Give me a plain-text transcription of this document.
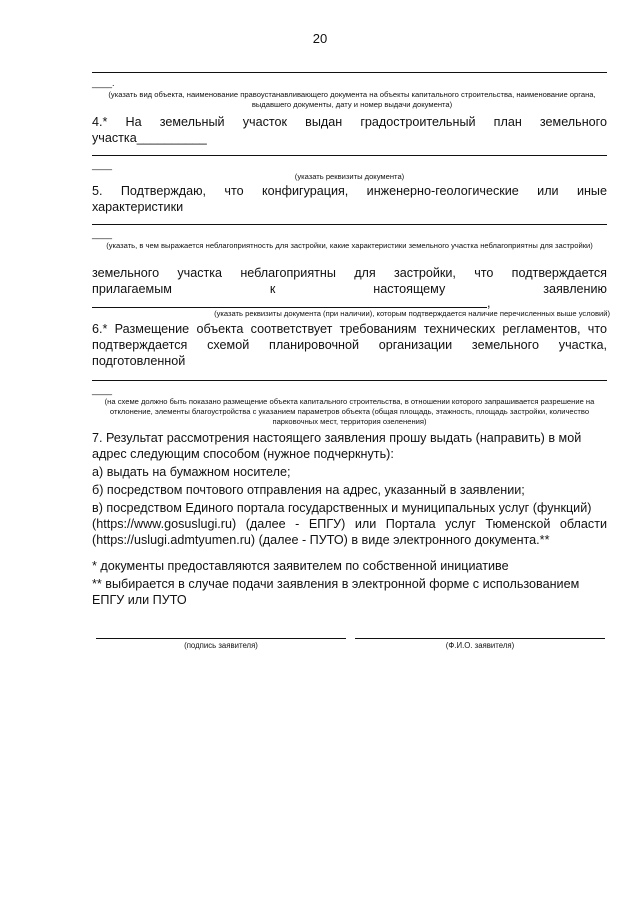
20
____.
(указать вид объекта, наименование правоустанавливающего документа на объекты капитального строительства, наименование органа, выдавшего документы, дату и номер выдачи документа)
4.* На земельный участок выдан градостроительный план земельного
участка__________
____
(указать реквизиты документа)
5. Подтверждаю, что конфигурация, инженерно-геологические или иные
характеристики
____
(указать, в чем выражается неблагоприятность для застройки, какие характеристики земельного участка неблагоприятны для застройки)
земельного участка неблагоприятны для застройки, что подтверждается
прилагаемым к настоящему заявлению
,
(указать реквизиты документа (при наличии), которым подтверждается наличие перечисленных выше условий)
6.* Размещение объекта соответствует требованиям технических регламентов, что
подтверждается схемой планировочной организации земельного участка,
подготовленной
____
(на схеме должно быть показано размещение объекта капитального строительства, в отношении которого запрашивается разрешение на отклонение, элементы благоустройства с указанием параметров объекта (общая площадь, этажность, площадь застройки, количество парковочных мест, территория озеленения)
7. Результат рассмотрения настоящего заявления прошу выдать (направить) в мой
адрес следующим способом (нужное подчеркнуть):
а) выдать на бумажном носителе;
б) посредством почтового отправления на адрес, указанный в заявлении;
в) посредством Единого портала государственных и муниципальных услуг (функций)
(https://www.gosuslugi.ru) (далее - ЕПГУ) или Портала услуг Тюменской области
(https://uslugi.admtyumen.ru) (далее - ПУТО) в виде электронного документа.**
* документы предоставляются заявителем по собственной инициативе
** выбирается в случае подачи заявления в электронной форме с использованием
ЕПГУ или ПУТО
(подпись заявителя)	(Ф.И.О. заявителя)
